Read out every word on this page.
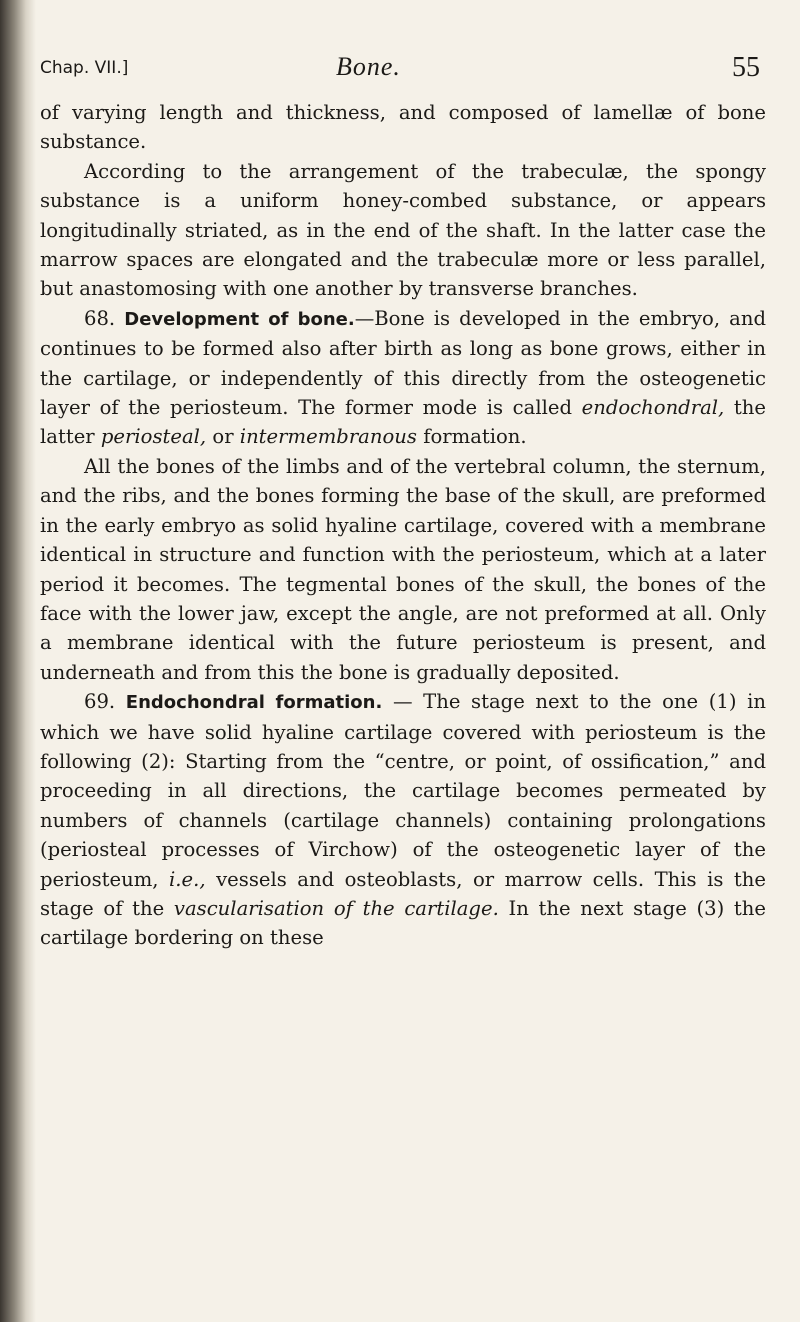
Chap. VII.]	Bone.	55

of varying length and thickness, and composed of lamellæ of bone substance.

According to the arrangement of the trabeculæ, the spongy substance is a uniform honey-combed substance, or appears longitudinally striated, as in the end of the shaft. In the latter case the marrow spaces are elongated and the trabeculæ more or less parallel, but anastomosing with one another by transverse branches.

68. Development of bone.—Bone is developed in the embryo, and continues to be formed also after birth as long as bone grows, either in the cartilage, or independently of this directly from the osteogenetic layer of the periosteum. The former mode is called endochondral, the latter periosteal, or intermembranous formation.

All the bones of the limbs and of the vertebral column, the sternum, and the ribs, and the bones forming the base of the skull, are preformed in the early embryo as solid hyaline cartilage, covered with a membrane identical in structure and function with the periosteum, which at a later period it becomes. The tegmental bones of the skull, the bones of the face with the lower jaw, except the angle, are not preformed at all. Only a membrane identical with the future periosteum is present, and underneath and from this the bone is gradually deposited.

69. Endochondral formation. — The stage next to the one (1) in which we have solid hyaline cartilage covered with periosteum is the following (2): Starting from the “centre, or point, of ossification,” and proceeding in all directions, the cartilage becomes permeated by numbers of channels (cartilage channels) containing prolongations (periosteal processes of Virchow) of the osteogenetic layer of the periosteum, i.e., vessels and osteoblasts, or marrow cells. This is the stage of the vascularisation of the cartilage. In the next stage (3) the cartilage bordering on these
